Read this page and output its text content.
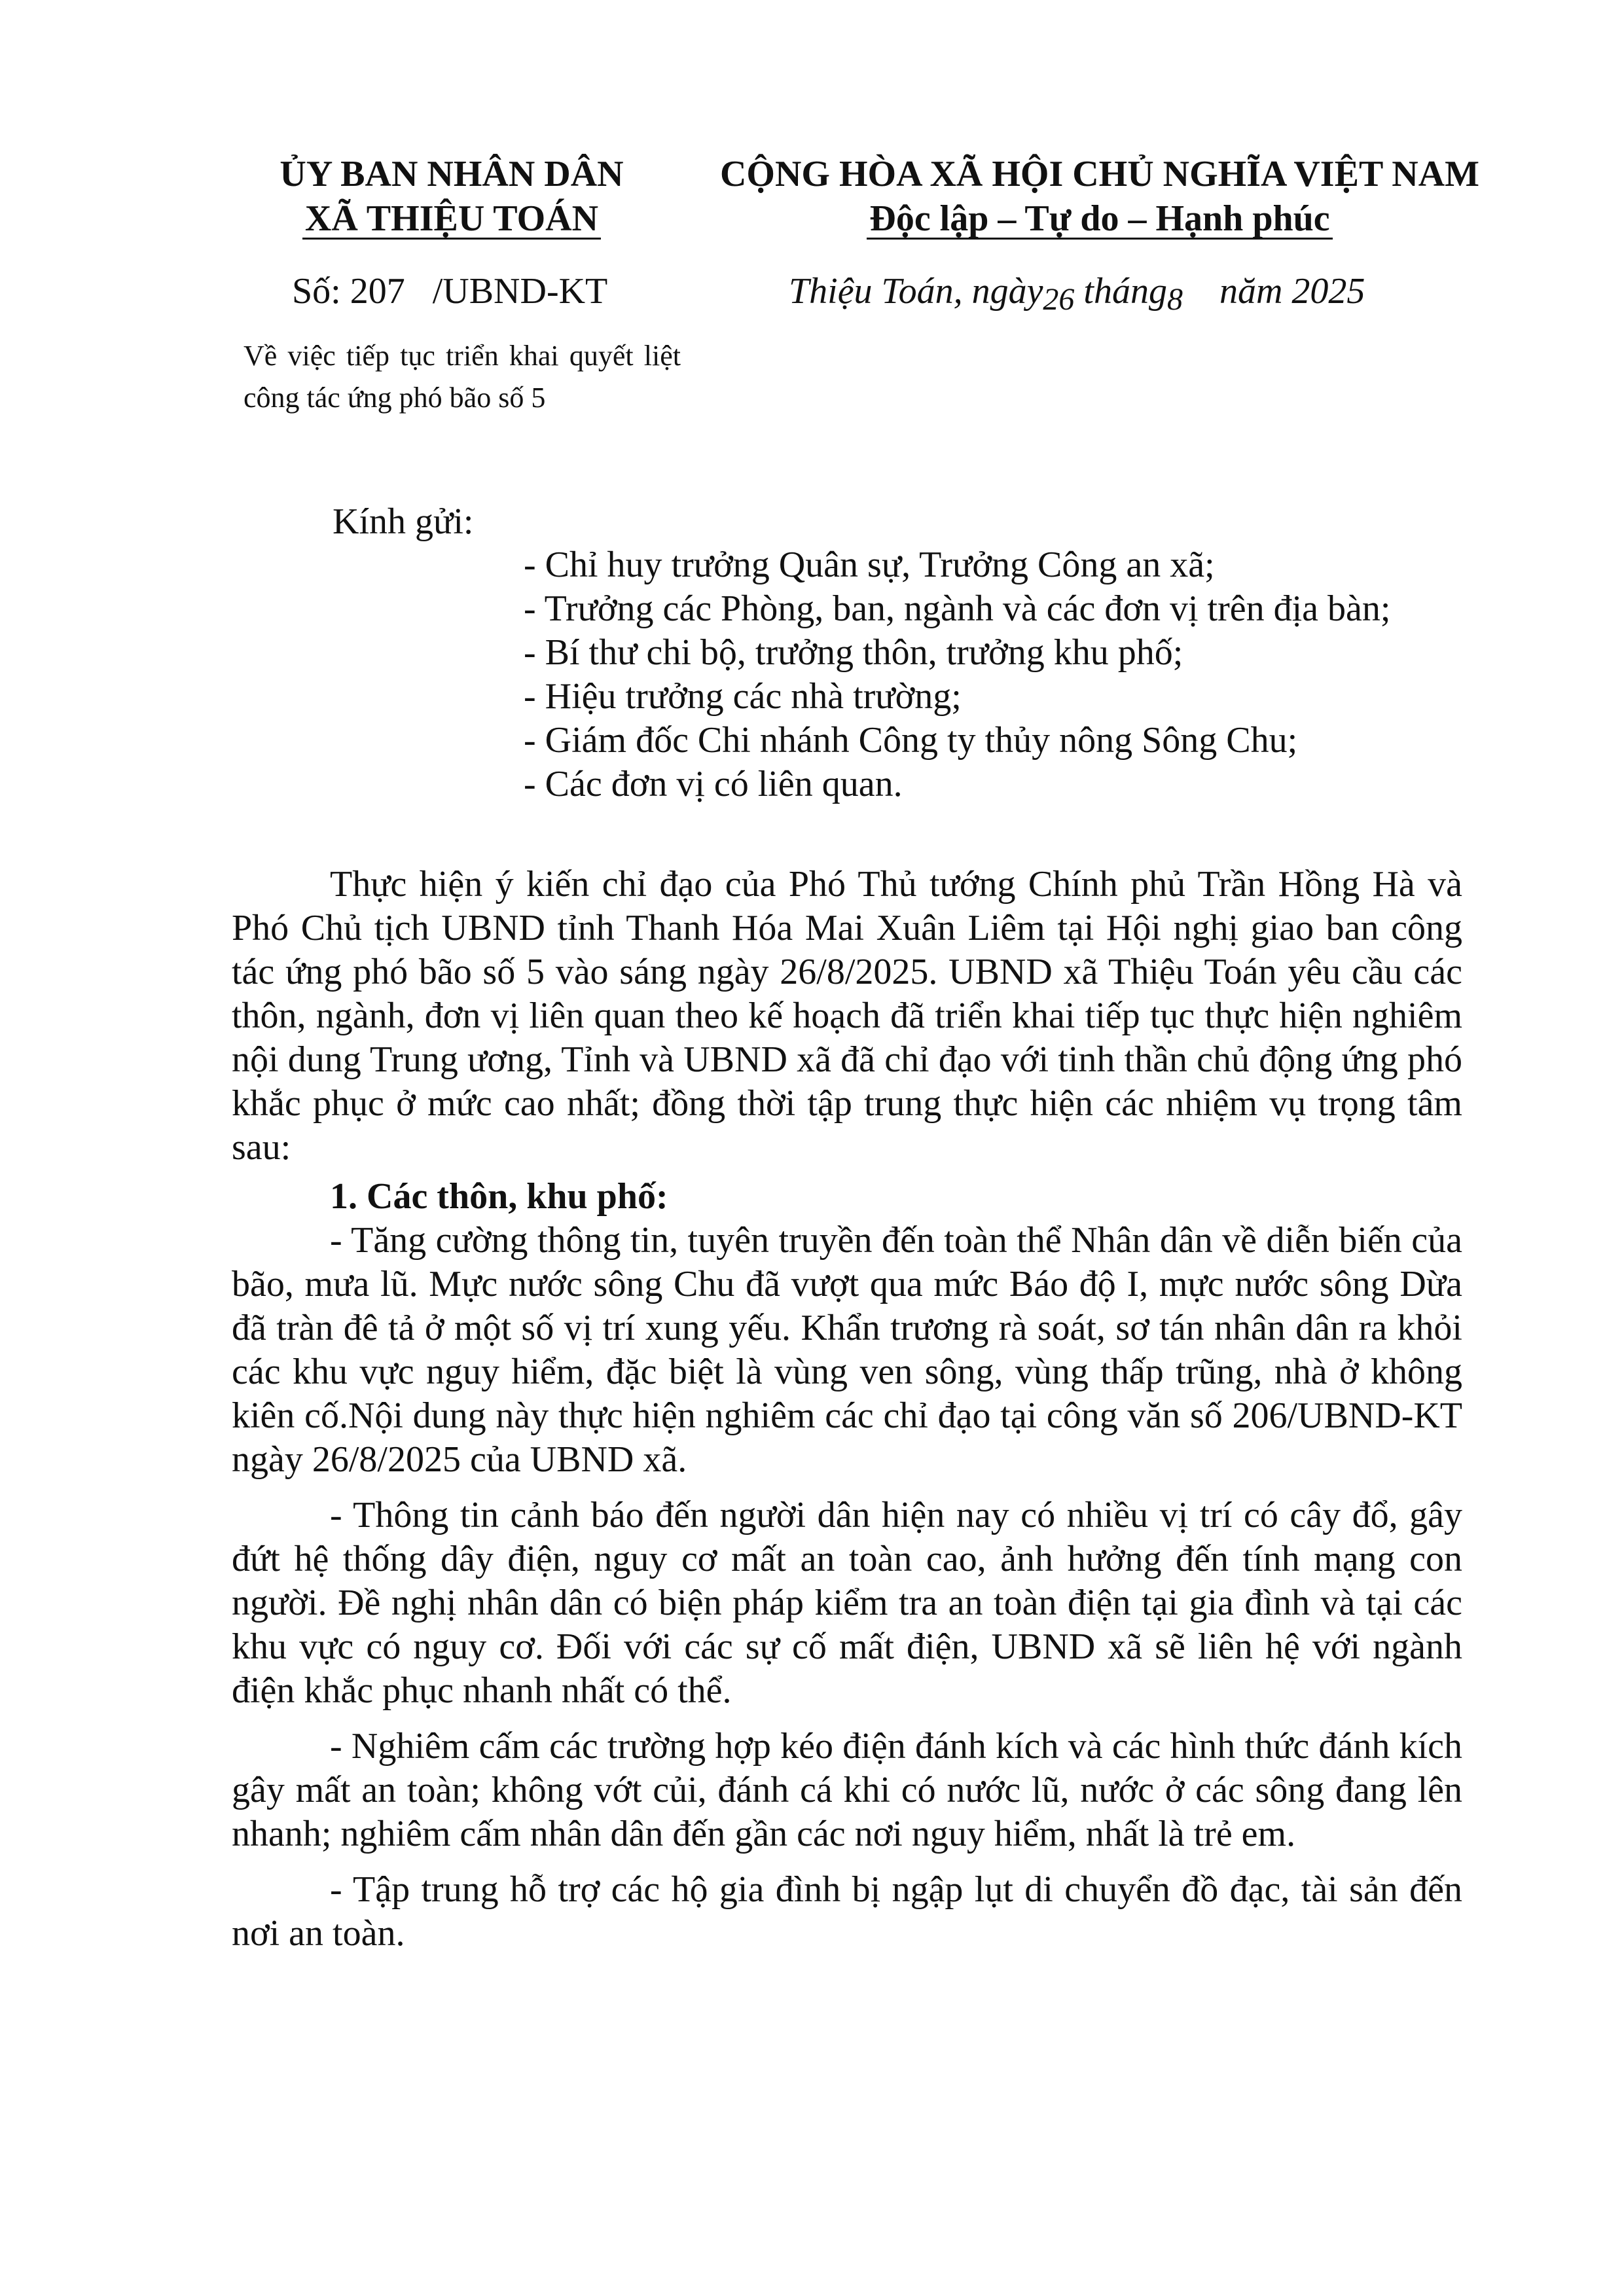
ỦY BAN NHÂN DÂN
XÃ THIỆU TOÁN
CỘNG HÒA XÃ HỘI CHỦ NGHĨA VIỆT NAM
Độc lập – Tự do – Hạnh phúc
Số: 207   /UBND-KT	Thiệu Toán, ngày26 tháng8    năm 2025
Về việc tiếp tục triển khai quyết liệt công tác ứng phó bão số 5
Kính gửi:
- Chỉ huy trưởng Quân sự, Trưởng Công an xã;
- Trưởng các Phòng, ban, ngành và các đơn vị trên địa bàn;
- Bí thư chi bộ, trưởng thôn, trưởng khu phố;
- Hiệu trưởng các nhà trường;
- Giám đốc Chi nhánh Công ty thủy nông Sông Chu;
- Các đơn vị có liên quan.

Thực hiện ý kiến chỉ đạo của Phó Thủ tướng Chính phủ Trần Hồng Hà và Phó Chủ tịch UBND tỉnh Thanh Hóa Mai Xuân Liêm tại Hội nghị giao ban công tác ứng phó bão số 5 vào sáng ngày 26/8/2025. UBND xã Thiệu Toán yêu cầu các thôn, ngành, đơn vị liên quan theo kế hoạch đã triển khai tiếp tục thực hiện nghiêm nội dung Trung ương, Tỉnh và UBND xã đã chỉ đạo với tinh thần chủ động ứng phó khắc phục ở mức cao nhất; đồng thời tập trung thực hiện các nhiệm vụ trọng tâm sau:

1. Các thôn, khu phố:

- Tăng cường thông tin, tuyên truyền đến toàn thể Nhân dân về diễn biến của bão, mưa lũ. Mực nước sông Chu đã vượt qua mức Báo độ I, mực nước sông Dừa đã tràn đê tả ở một số vị trí xung yếu. Khẩn trương rà soát, sơ tán nhân dân ra khỏi các khu vực nguy hiểm, đặc biệt là vùng ven sông, vùng thấp trũng, nhà ở không kiên cố.Nội dung này thực hiện nghiêm các chỉ đạo tại công văn số 206/UBND-KT ngày 26/8/2025 của UBND xã.

- Thông tin cảnh báo đến người dân hiện nay có nhiều vị trí có cây đổ, gây đứt hệ thống dây điện, nguy cơ mất an toàn cao, ảnh hưởng đến tính mạng con người. Đề nghị nhân dân có biện pháp kiểm tra an toàn điện tại gia đình và tại các khu vực có nguy cơ. Đối với các sự cố mất điện, UBND xã sẽ liên hệ với ngành điện khắc phục nhanh nhất có thể.

- Nghiêm cấm các trường hợp kéo điện đánh kích và các hình thức đánh kích gây mất an toàn; không vớt củi, đánh cá khi có nước lũ, nước ở các sông đang lên nhanh; nghiêm cấm nhân dân đến gần các nơi nguy hiểm, nhất là trẻ em.

- Tập trung hỗ trợ các hộ gia đình bị ngập lụt di chuyển đồ đạc, tài sản đến nơi an toàn.
